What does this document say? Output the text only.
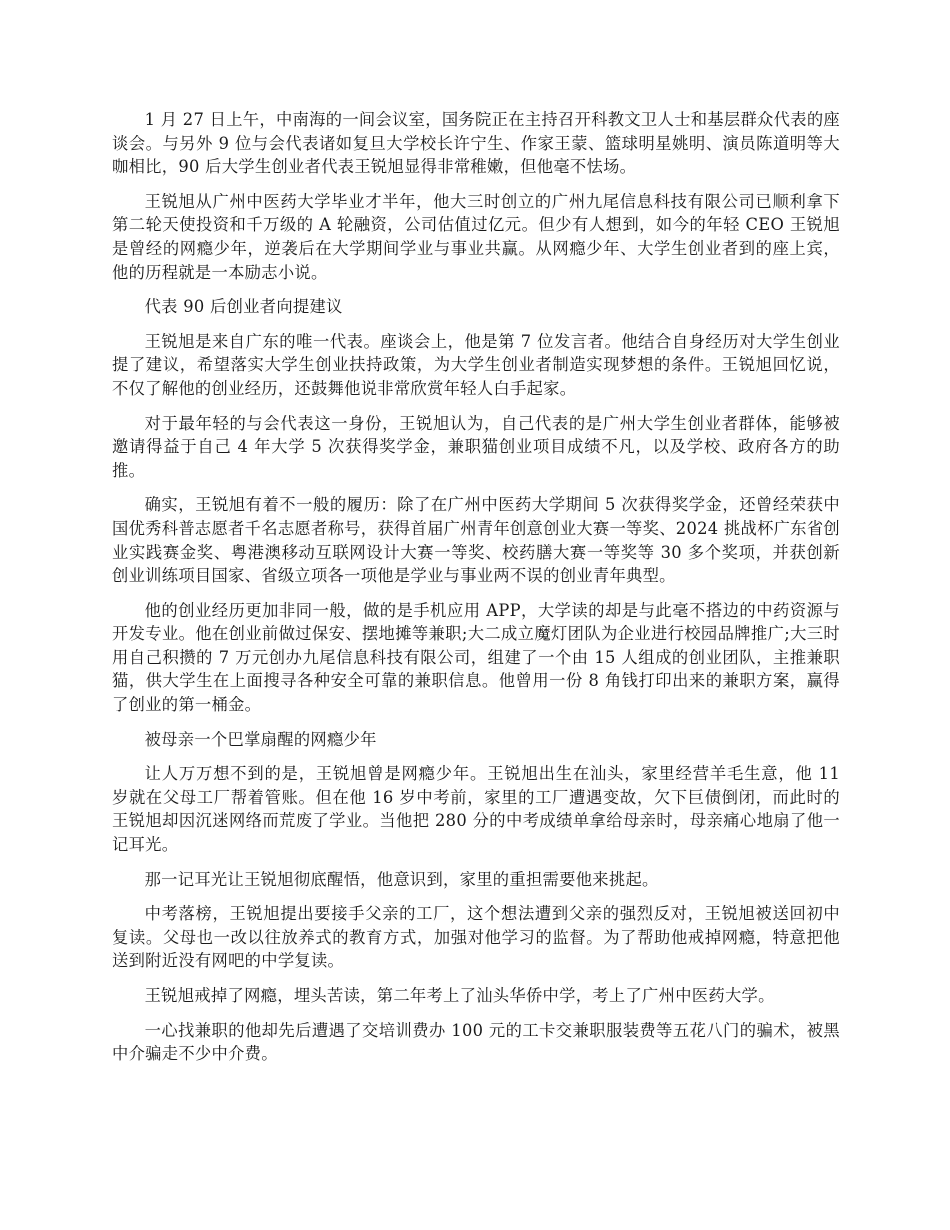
1 月 27 日上午，中南海的一间会议室，国务院正在主持召开科教文卫人士和基层群众代表的座谈会。与另外 9 位与会代表诸如复旦大学校长许宁生、作家王蒙、篮球明星姚明、演员陈道明等大咖相比，90 后大学生创业者代表王锐旭显得非常稚嫩，但他毫不怯场。

王锐旭从广州中医药大学毕业才半年，他大三时创立的广州九尾信息科技有限公司已顺利拿下第二轮天使投资和千万级的 A 轮融资，公司估值过亿元。但少有人想到，如今的年轻 CEO 王锐旭是曾经的网瘾少年，逆袭后在大学期间学业与事业共赢。从网瘾少年、大学生创业者到的座上宾，他的历程就是一本励志小说。

代表 90 后创业者向提建议

王锐旭是来自广东的唯一代表。座谈会上，他是第 7 位发言者。他结合自身经历对大学生创业提了建议，希望落实大学生创业扶持政策，为大学生创业者制造实现梦想的条件。王锐旭回忆说，不仅了解他的创业经历，还鼓舞他说非常欣赏年轻人白手起家。

对于最年轻的与会代表这一身份，王锐旭认为，自己代表的是广州大学生创业者群体，能够被邀请得益于自己 4 年大学 5 次获得奖学金，兼职猫创业项目成绩不凡，以及学校、政府各方的助推。

确实，王锐旭有着不一般的履历：除了在广州中医药大学期间 5 次获得奖学金，还曾经荣获中国优秀科普志愿者千名志愿者称号，获得首届广州青年创意创业大赛一等奖、2024 挑战杯广东省创业实践赛金奖、粤港澳移动互联网设计大赛一等奖、校药膳大赛一等奖等 30 多个奖项，并获创新创业训练项目国家、省级立项各一项他是学业与事业两不误的创业青年典型。

他的创业经历更加非同一般，做的是手机应用 APP，大学读的却是与此毫不搭边的中药资源与开发专业。他在创业前做过保安、摆地摊等兼职;大二成立魔灯团队为企业进行校园品牌推广;大三时用自己积攒的 7 万元创办九尾信息科技有限公司，组建了一个由 15 人组成的创业团队，主推兼职猫，供大学生在上面搜寻各种安全可靠的兼职信息。他曾用一份 8 角钱打印出来的兼职方案，赢得了创业的第一桶金。

被母亲一个巴掌扇醒的网瘾少年

让人万万想不到的是，王锐旭曾是网瘾少年。王锐旭出生在汕头，家里经营羊毛生意，他 11 岁就在父母工厂帮着管账。但在他 16 岁中考前，家里的工厂遭遇变故，欠下巨债倒闭，而此时的王锐旭却因沉迷网络而荒废了学业。当他把 280 分的中考成绩单拿给母亲时，母亲痛心地扇了他一记耳光。

那一记耳光让王锐旭彻底醒悟，他意识到，家里的重担需要他来挑起。

中考落榜，王锐旭提出要接手父亲的工厂，这个想法遭到父亲的强烈反对，王锐旭被送回初中复读。父母也一改以往放养式的教育方式，加强对他学习的监督。为了帮助他戒掉网瘾，特意把他送到附近没有网吧的中学复读。

王锐旭戒掉了网瘾，埋头苦读，第二年考上了汕头华侨中学，考上了广州中医药大学。

一心找兼职的他却先后遭遇了交培训费办 100 元的工卡交兼职服装费等五花八门的骗术，被黑中介骗走不少中介费。
